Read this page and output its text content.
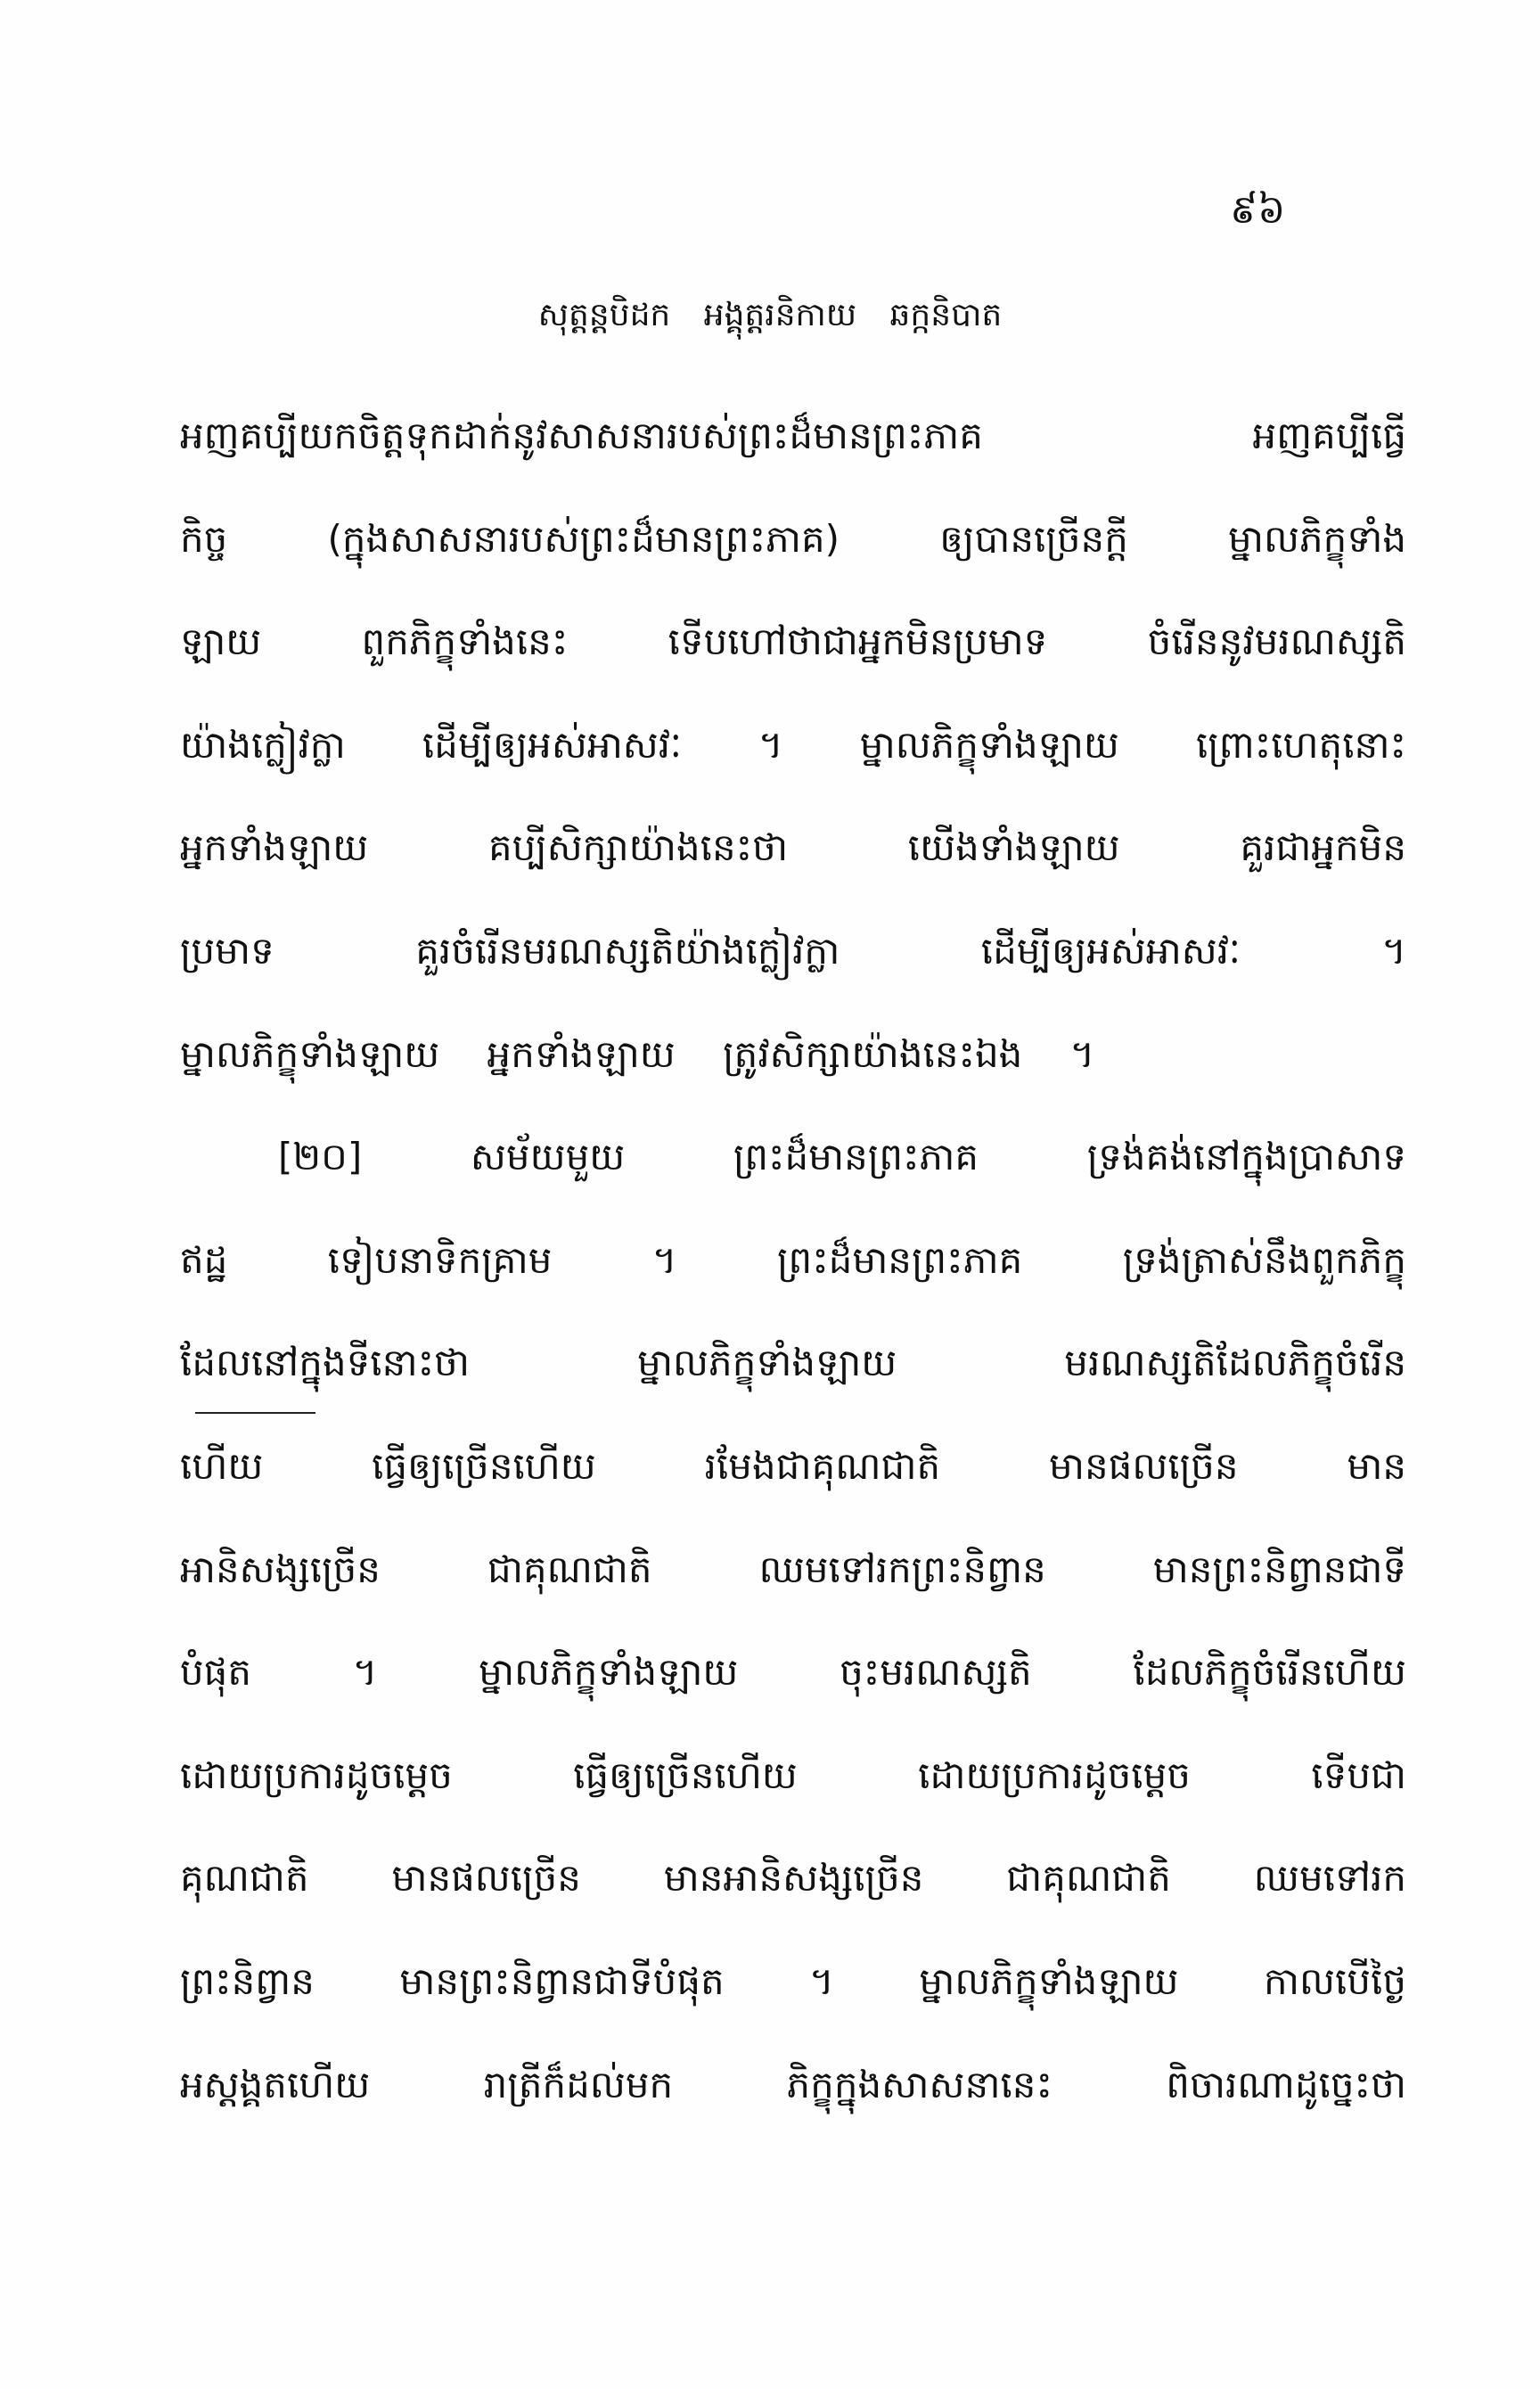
៩៦
សុត្តន្តបិដក អង្គុត្តរនិកាយ ឆក្កនិបាត
អញគប្បីយកចិត្តទុកដាក់នូវសាសនារបស់ព្រះដ៏មានព្រះភាគ អញគប្បីធ្វើ
កិច្ច (ក្នុងសាសនារបស់ព្រះដ៏មានព្រះភាគ) ឲ្យបានច្រើនក្តី ម្នាលភិក្ខុទាំង
ឡាយ ពួកភិក្ខុទាំងនេះ ទើបហៅថាជាអ្នកមិនប្រមាទ ចំរើននូវមរណស្សតិ
យ៉ាងក្លៀវក្លា ដើម្បីឲ្យអស់អាសវៈ ។ ម្នាលភិក្ខុទាំងឡាយ ព្រោះហេតុនោះ
អ្នកទាំងឡាយ គប្បីសិក្សាយ៉ាងនេះថា យើងទាំងឡាយ គួរជាអ្នកមិន
ប្រមាទ គួរចំរើនមរណស្សតិយ៉ាងក្លៀវក្លា ដើម្បីឲ្យអស់អាសវៈ ។
ម្នាលភិក្ខុទាំងឡាយ អ្នកទាំងឡាយ ត្រូវសិក្សាយ៉ាងនេះឯង ។
[២០] សម័យមួយ ព្រះដ៏មានព្រះភាគ ទ្រង់គង់នៅក្នុងប្រាសាទ
ឥដ្ឋ ទៀបនាទិកគ្រាម ។ ព្រះដ៏មានព្រះភាគ ទ្រង់ត្រាស់នឹងពួកភិក្ខុ
ដែលនៅក្នុងទីនោះថា ម្នាលភិក្ខុទាំងឡាយ មរណស្សតិដែលភិក្ខុចំរើន
ហើយ ធ្វើឲ្យច្រើនហើយ រមែងជាគុណជាតិ មានផលច្រើន មាន
អានិសង្សច្រើន ជាគុណជាតិ ឈមទៅរកព្រះនិព្វាន មានព្រះនិព្វានជាទី
បំផុត ។ ម្នាលភិក្ខុទាំងឡាយ ចុះមរណស្សតិ ដែលភិក្ខុចំរើនហើយ
ដោយប្រការដូចម្តេច ធ្វើឲ្យច្រើនហើយ ដោយប្រការដូចម្តេច ទើបជា
គុណជាតិ មានផលច្រើន មានអានិសង្សច្រើន ជាគុណជាតិ ឈមទៅរក
ព្រះនិព្វាន មានព្រះនិព្វានជាទីបំផុត ។ ម្នាលភិក្ខុទាំងឡាយ កាលបើថ្ងៃ
អស្តង្គតហើយ រាត្រីក៏ដល់មក ភិក្ខុក្នុងសាសនានេះ ពិចារណាដូច្នេះថា
